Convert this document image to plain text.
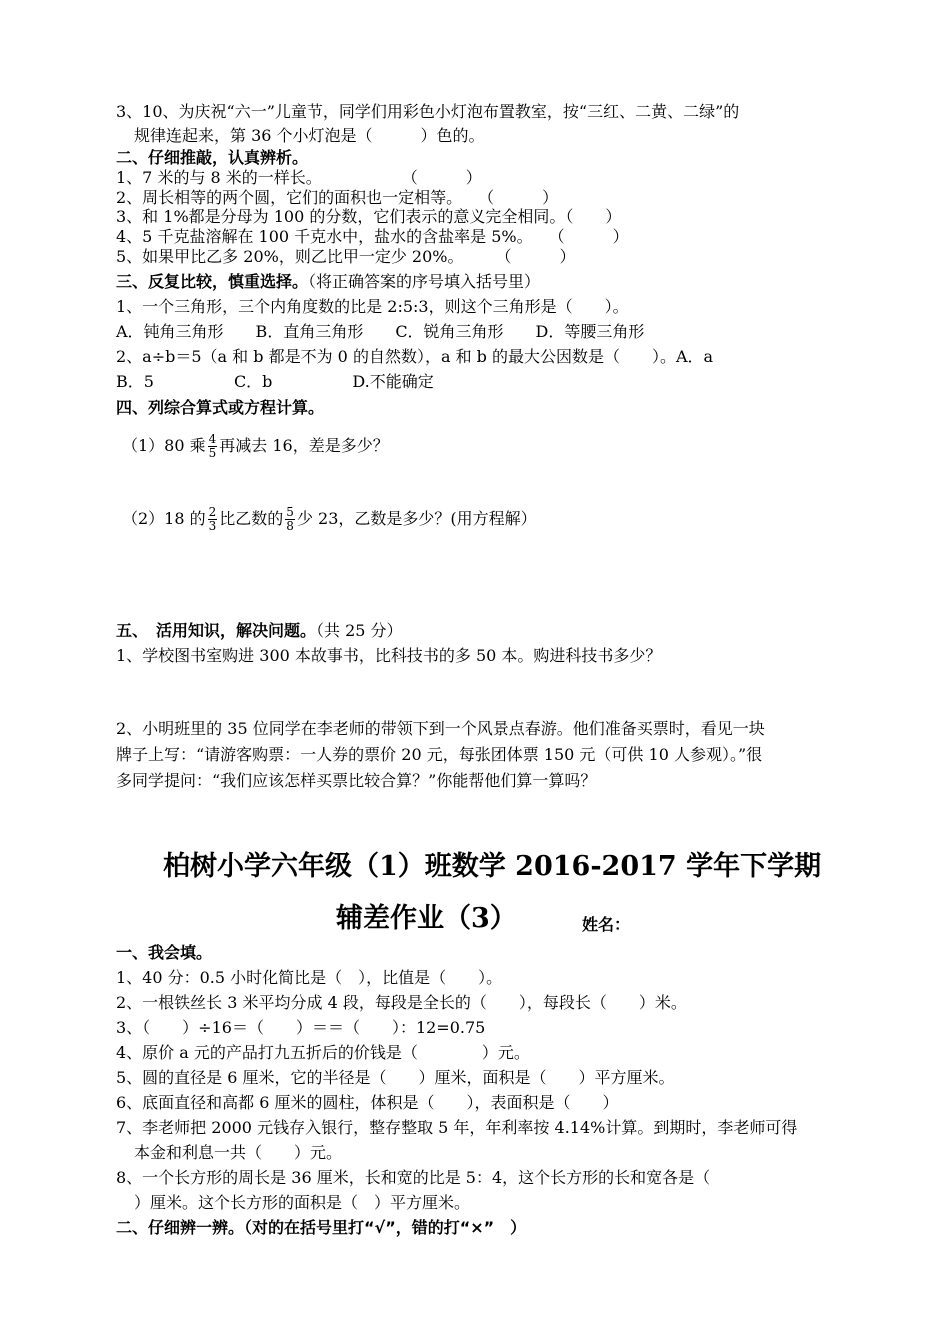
3、10、为庆祝“六一”儿童节，同学们用彩色小灯泡布置教室，按“三红、二黄、二绿”的
规律连起来，第 36 个小灯泡是（　　　）色的。
二、仔细推敲，认真辨析。
1、7 米的与 8 米的一样长。　　　　　　（　　　）
2、周长相等的两个圆，它们的面积也一定相等。　　（　　　）
3、和 1%都是分母为 100 的分数，它们表示的意义完全相同。（　　）
4、5 千克盐溶解在 100 千克水中，盐水的含盐率是 5%。　　（　　　）
5、如果甲比乙多 20%，则乙比甲一定少 20%。　　　（　　　）
三、反复比较，慎重选择。（将正确答案的序号填入括号里）
1、一个三角形，三个内角度数的比是 2:5:3，则这个三角形是（　　）。
A．钝角三角形　　B．直角三角形　　C．锐角三角形　　D．等腰三角形
2、a÷b＝5（a 和 b 都是不为 0 的自然数），a 和 b 的最大公因数是（　　）。A．a
B．5　　　　　C．b　　　　　D.不能确定
四、列综合算式或方程计算。
（1）80 乘 $\frac{4}{5}$ 再减去 16，差是多少？
（2）18 的 $\frac{2}{3}$ 比乙数的 $\frac{5}{8}$ 少 23，乙数是多少？(用方程解）
五、　活用知识，解决问题。（共 25 分）
1、学校图书室购进 300 本故事书，比科技书的多 50 本。购进科技书多少？
2、小明班里的 35 位同学在李老师的带领下到一个风景点春游。他们准备买票时，看见一块
牌子上写：“请游客购票：一人券的票价 20 元，每张团体票 150 元（可供 10 人参观）。”很
多同学提问：“我们应该怎样买票比较合算？”你能帮他们算一算吗？
柏树小学六年级（1）班数学 2016-2017 学年下学期
辅差作业（3）	姓名：
一、我会填。
1、40 分：0.5 小时化简比是（　），比值是（　　）。
2、一根铁丝长 3 米平均分成 4 段，每段是全长的（　　），每段长（　　）米。
3、（　　）÷16＝（　　）＝＝（　　）：12=0.75
4、原价 a 元的产品打九五折后的价钱是（　　　　）元。
5、圆的直径是 6 厘米，它的半径是（　　）厘米，面积是（　　）平方厘米。
6、底面直径和高都 6 厘米的圆柱，体积是（　　），表面积是（　　）
7、李老师把 2000 元钱存入银行，整存整取 5 年，年利率按 4.14%计算。到期时，李老师可得
本金和利息一共（　　）元。
8、一个长方形的周长是 36 厘米，长和宽的比是 5：4，这个长方形的长和宽各是（
）厘米。这个长方形的面积是（　）平方厘米。
二、仔细辨一辨。（对的在括号里打“√”，错的打“×”　）
